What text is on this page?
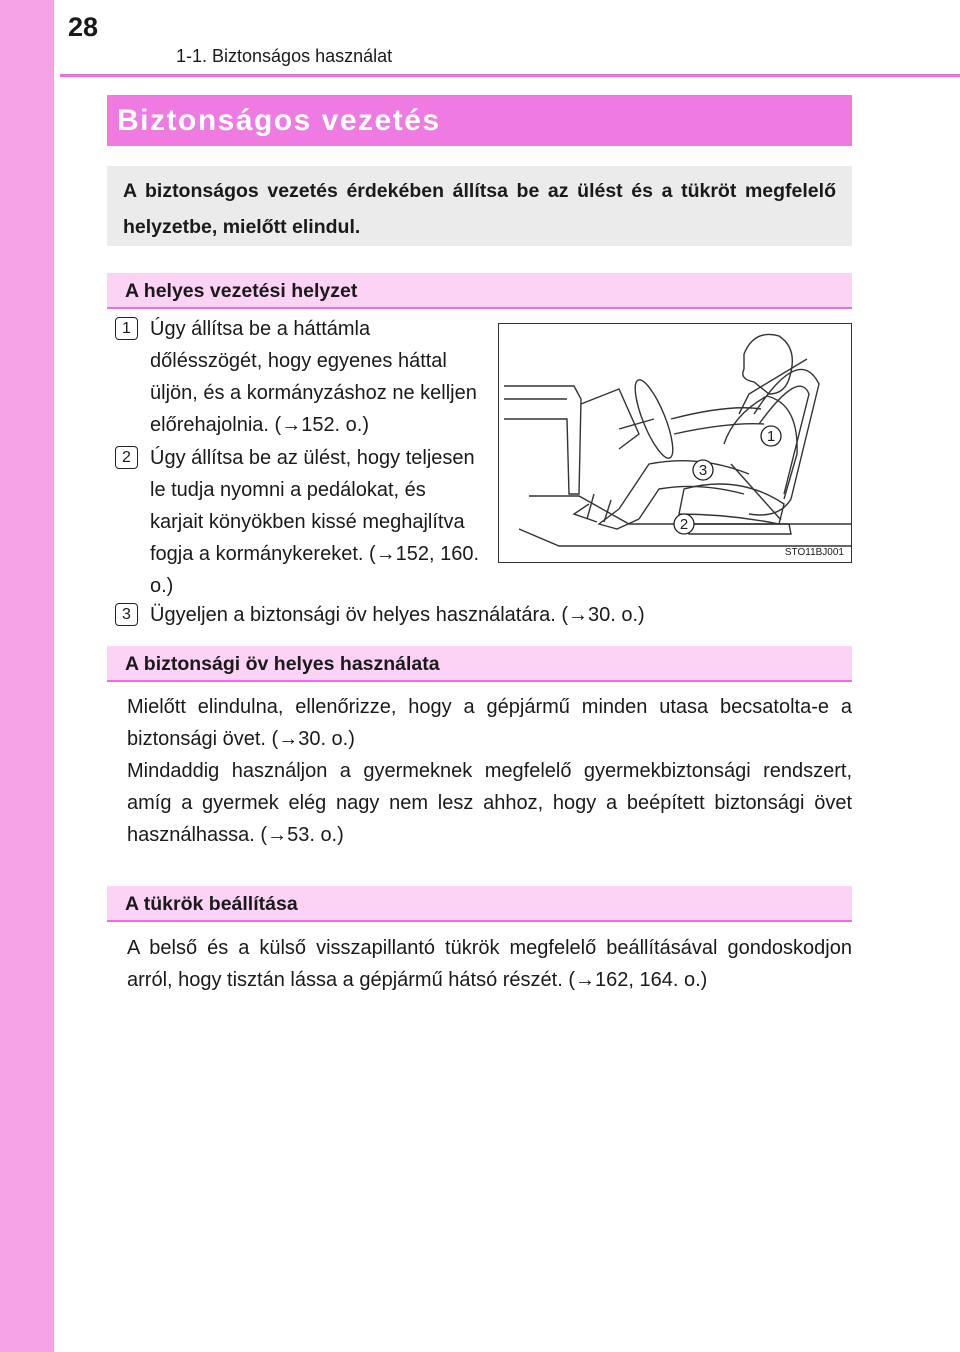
28
1-1. Biztonságos használat
Biztonságos vezetés
A biztonságos vezetés érdekében állítsa be az ülést és a tükröt megfelelő helyzetbe, mielőtt elindul.
A helyes vezetési helyzet
1 Úgy állítsa be a háttámla dőlésszögét, hogy egyenes háttal üljön, és a kormányzáshoz ne kelljen előrehajolnia. (→152. o.)
2 Úgy állítsa be az ülést, hogy teljesen le tudja nyomni a pedálokat, és karjait könyökben kissé meghajlítva fogja a kormánykereket. (→152, 160. o.)
3 Ügyeljen a biztonsági öv helyes használatára. (→30. o.)
1
2
3
STO11BJ001
A biztonsági öv helyes használata
Mielőtt elindulna, ellenőrizze, hogy a gépjármű minden utasa becsatolta-e a biztonsági övet. (→30. o.)
Mindaddig használjon a gyermeknek megfelelő gyermekbiztonsági rendszert, amíg a gyermek elég nagy nem lesz ahhoz, hogy a beépített biztonsági övet használhassa. (→53. o.)
A tükrök beállítása
A belső és a külső visszapillantó tükrök megfelelő beállításával gondoskodjon arról, hogy tisztán lássa a gépjármű hátsó részét. (→162, 164. o.)
